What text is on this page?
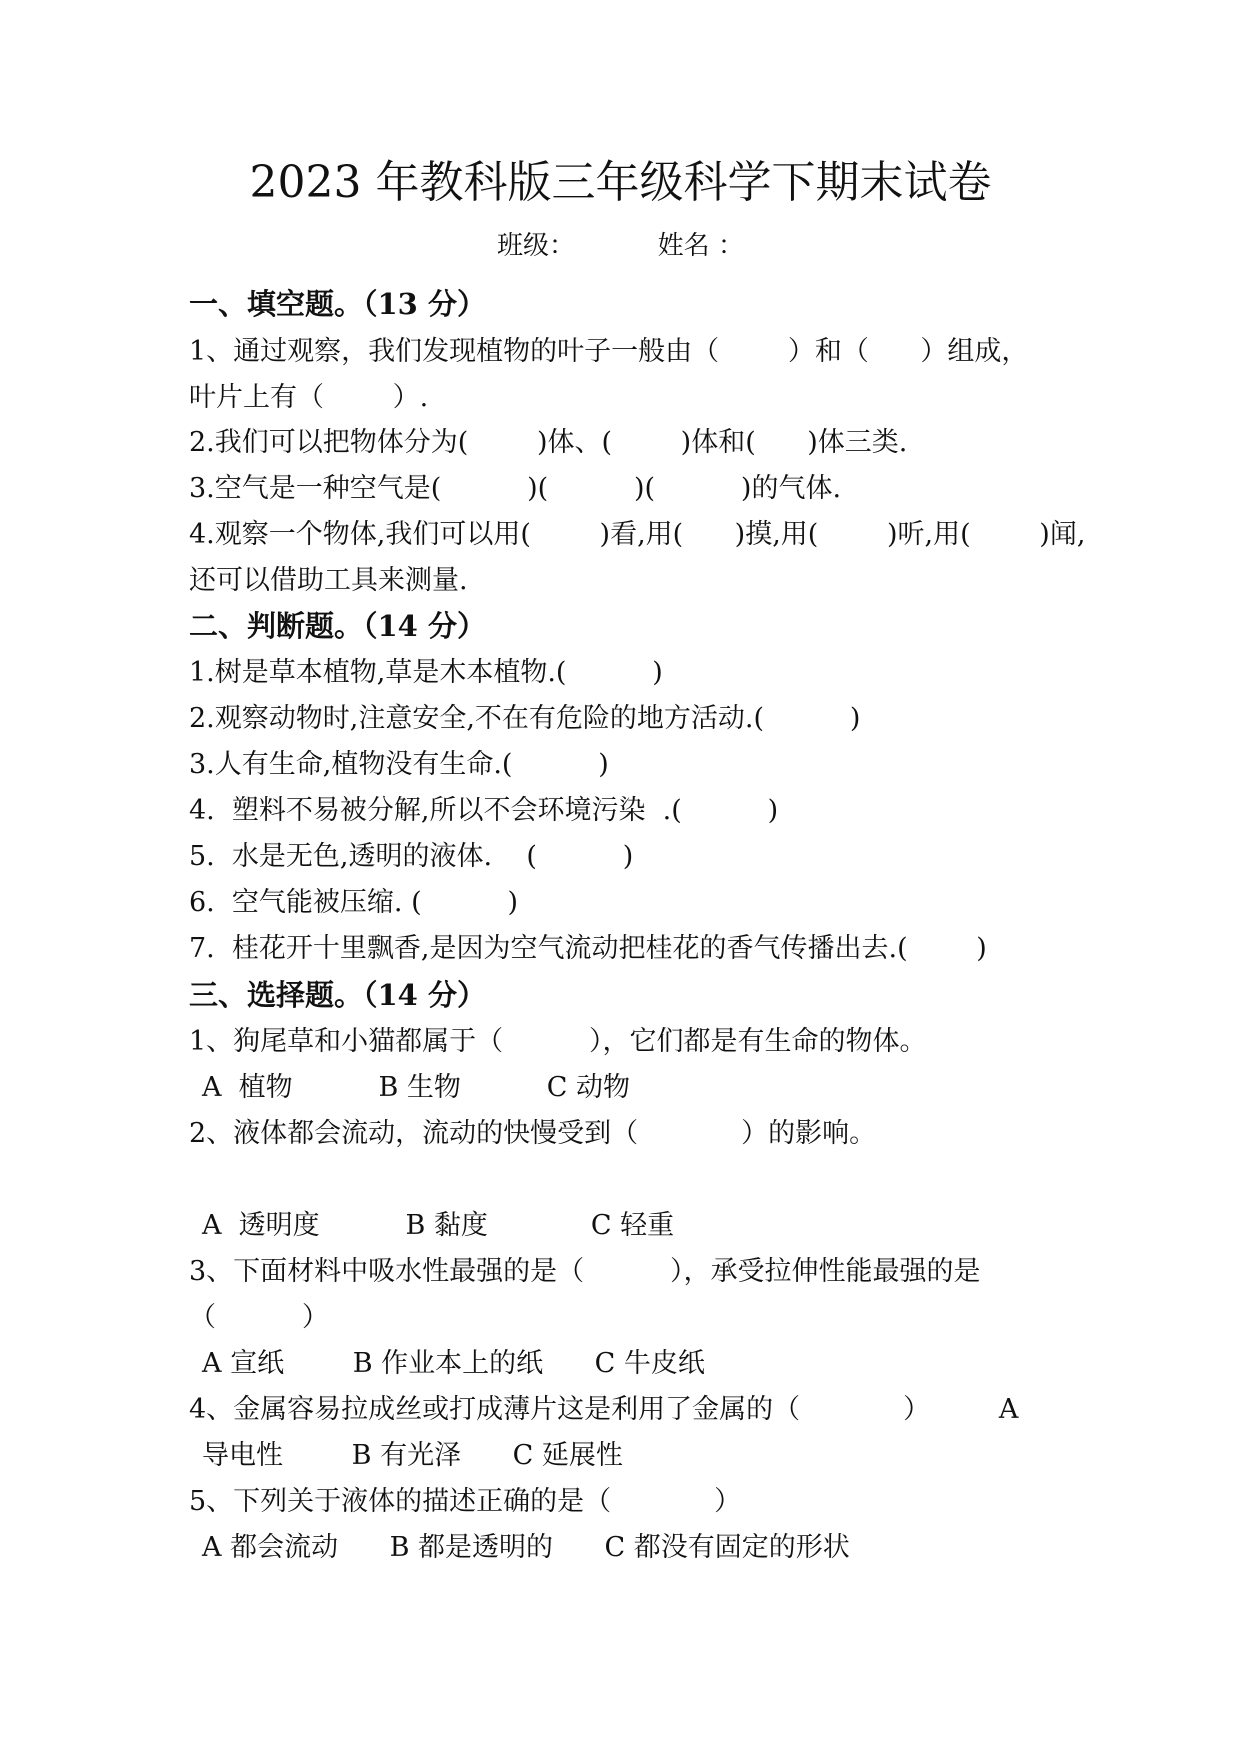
2023 年教科版三年级科学下期末试卷
班级：          姓名 ：
一、填空题。（13 分）
1、通过观察，我们发现植物的叶子一般由（        ）和（      ）组成，
叶片上有（        ）.
2.我们可以把物体分为(        )体、(        )体和(      )体三类.
3.空气是一种空气是(          )(          )(          )的气体.
4.观察一个物体,我们可以用(        )看,用(      )摸,用(        )听,用(        )闻,
还可以借助工具来测量.
二、判断题。（14 分）
1.树是草本植物,草是木本植物.(          )
2.观察动物时,注意安全,不在有危险的地方活动.(          )
3.人有生命,植物没有生命.(          )
4.  塑料不易被分解,所以不会环境污染  .(          )
5.  水是无色,透明的液体.    (          )
6.  空气能被压缩. (          )
7.  桂花开十里飘香,是因为空气流动把桂花的香气传播出去.(        )
三、选择题。（14 分）
1、狗尾草和小猫都属于（          ），它们都是有生命的物体。
A  植物          B 生物          C 动物
2、液体都会流动，流动的快慢受到（            ）的影响。
A  透明度          B 黏度            C 轻重
3、下面材料中吸水性最强的是（          ），承受拉伸性能最强的是
（          ）
A 宣纸        B 作业本上的纸      C 牛皮纸
4、金属容易拉成丝或打成薄片这是利用了金属的（            ）        A
导电性        B 有光泽      C 延展性
5、下列关于液体的描述正确的是（            ）
A 都会流动      B 都是透明的      C 都没有固定的形状
